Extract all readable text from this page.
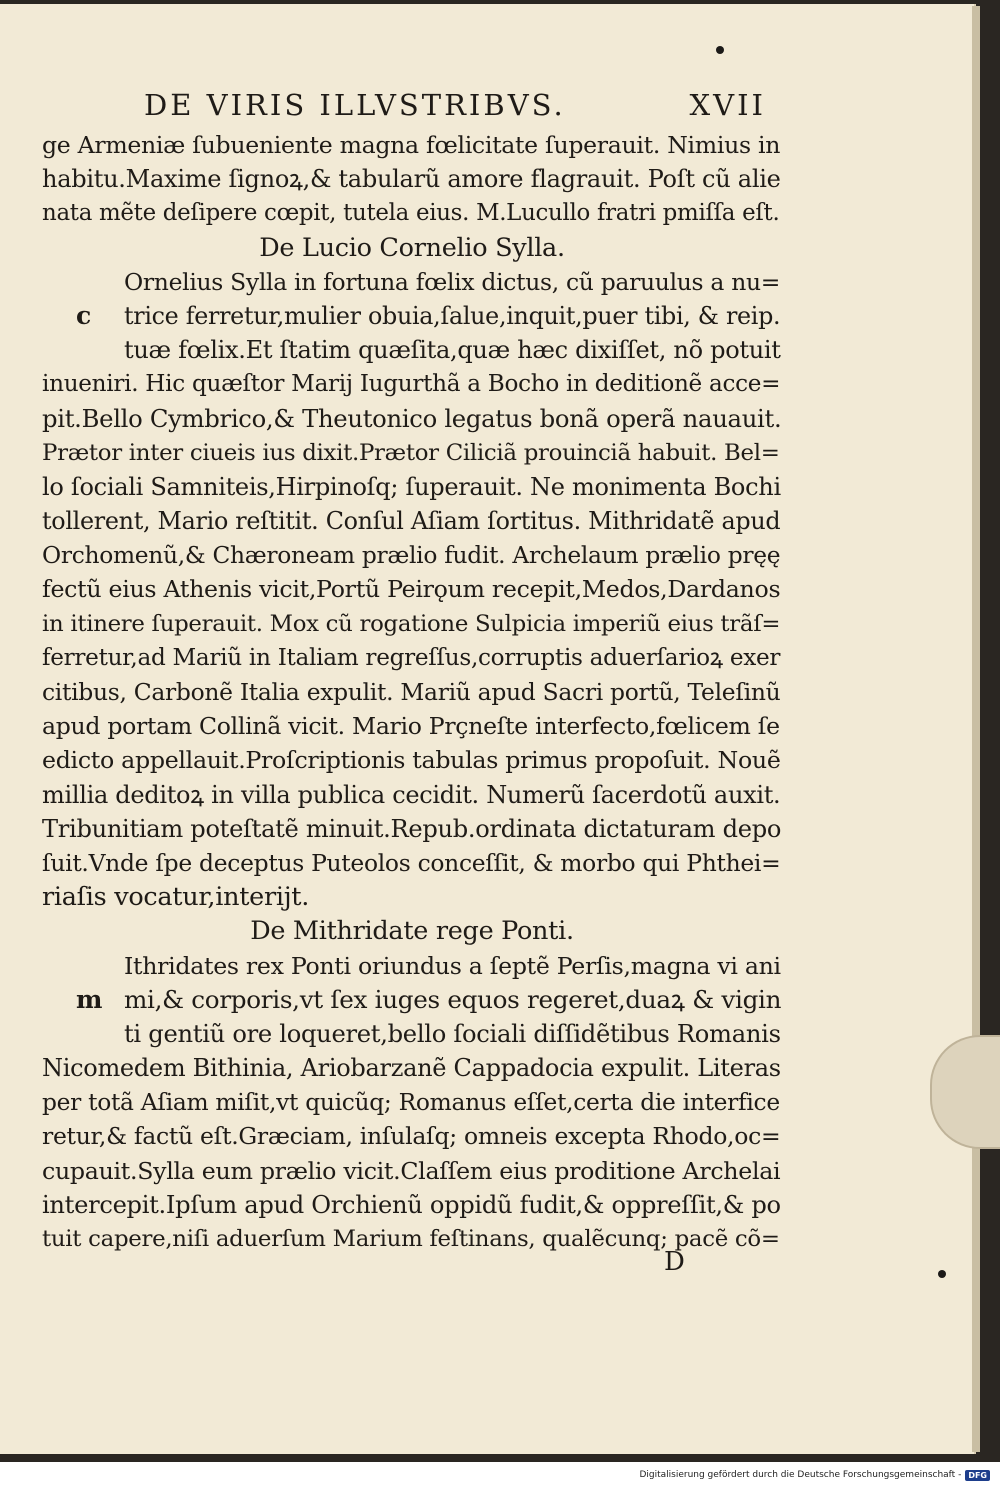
DE VIRIS ILLVSTRIBVS.	XVII
ge Armeniæ ſubueniente magna fœlicitate ſuperauit. Nimius in
habitu.Maxime ſignoꝝ,& tabularũ amore flagrauit. Poſt cũ alie
nata mẽte deſipere cœpit, tutela eius. M.Lucullo fratri pmiſſa eſt.
De Lucio Cornelio Sylla.
c
Ornelius Sylla in fortuna fœlix dictus, cũ paruulus a nu=
trice ferretur,mulier obuia,ſalue,inquit,puer tibi, & reip.
tuæ fœlix.Et ſtatim quæſita,quæ hæc dixiſſet, nõ potuit
inueniri. Hic quæſtor Marij Iugurthã a Bocho in deditionẽ acce=
pit.Bello Cymbrico,& Theutonico legatus bonã operã nauauit.
Prætor inter ciueis ius dixit.Prætor Ciliciã prouinciã habuit. Bel=
lo ſociali Samniteis,Hirpinoſq; ſuperauit. Ne monimenta Bochi
tollerent, Mario reſtitit. Conſul Aſiam ſortitus. Mithridatẽ apud
Orchomenũ,& Chæroneam prælio fudit. Archelaum prælio pręę
fectũ eius Athenis vicit,Portũ Peirǫum recepit,Medos,Dardanos
in itinere ſuperauit. Mox cũ rogatione Sulpicia imperiũ eius trãſ=
ferretur,ad Mariũ in Italiam regreſſus,corruptis aduerſarioꝝ exer
citibus, Carbonẽ Italia expulit. Mariũ apud Sacri portũ, Teleſinũ
apud portam Collinã vicit. Mario Prçneſte interfecto,fœlicem ſe
edicto appellauit.Proſcriptionis tabulas primus propoſuit. Nouẽ
millia deditoꝝ in villa publica cecidit. Numerũ ſacerdotũ auxit.
Tribunitiam poteſtatẽ minuit.Repub.ordinata dictaturam depo
ſuit.Vnde ſpe deceptus Puteolos conceſſit, & morbo qui Phthei=
riaſis vocatur,interijt.
De Mithridate rege Ponti.
m
Ithridates rex Ponti oriundus a ſeptẽ Perſis,magna vi ani
mi,& corporis,vt ſex iuges equos regeret,duaꝝ & vigin
ti gentiũ ore loqueret,bello ſociali diſſidẽtibus Romanis
Nicomedem Bithinia, Ariobarzanẽ Cappadocia expulit. Literas
per totã Aſiam miſit,vt quicũq; Romanus eſſet,certa die interfice
retur,& factũ eſt.Græciam, inſulaſq; omneis excepta Rhodo,oc=
cupauit.Sylla eum prælio vicit.Claſſem eius proditione Archelai
intercepit.Ipſum apud Orchienũ oppidũ fudit,& oppreſſit,& po
tuit capere,niſi aduerſum Marium feſtinans, qualẽcunq; pacẽ cõ=
D
Digitalisierung gefördert durch die Deutsche Forschungsgemeinschaft - DFG
